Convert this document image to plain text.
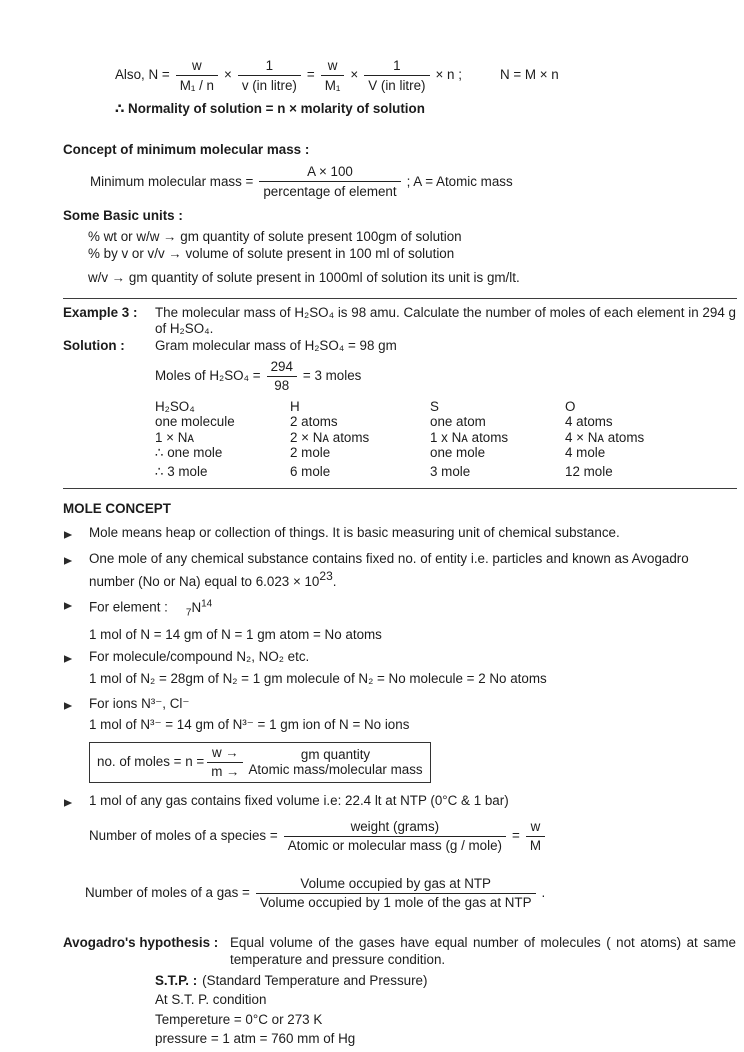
Also, $N = \frac{w}{\text{M₁ / n}} \times \frac{1}{\text{v (in litre)}} = \frac{w}{\text{M₁}} \times \frac{1}{\text{V (in litre)}} \times n$ ;	N = M × n
∴ Normality of solution = n × molarity of solution
Concept of minimum molecular mass :
Minimum molecular mass = $\frac{A \times 100}{\text{percentage of element}}$ ; A = Atomic mass
Some Basic units :
% wt or w/w → gm quantity of solute present 100gm of solution
% by v or v/v → volume of solute present in 100 ml of solution
w/v → gm quantity of solute present in 1000ml of solution its unit is gm/lt.
Example 3 :	The molecular mass of H₂SO₄ is 98 amu. Calculate the number of moles of each element in 294 g of H₂SO₄.
Solution :	Gram molecular mass of H₂SO₄ = 98 gm
Moles of $H_2SO_4 = \frac{294}{98} = 3$ moles
H₂SO₄	H	S	O
one molecule	2 atoms	one atom	4 atoms
1 × Nᴀ	2 × Nᴀ atoms	1 x Nᴀ atoms	4 × Nᴀ atoms
∴ one mole	2 mole	one mole	4 mole
∴ 3 mole	6 mole	3 mole	12 mole
MOLE CONCEPT
Mole means heap or collection of things. It is basic measuring unit of chemical substance.
One mole of any chemical substance contains fixed no. of entity i.e. particles and known as Avogadro
number (No or Na) equal to $6.023 \times 10^{23}$.
For element : $_7N^{14}$
1 mol of N = 14 gm of N = 1 gm atom = No atoms
For molecule/compound N₂, NO₂ etc.
1 mol of N₂ = 28gm of N₂ = 1 gm molecule of N₂ = No molecule = 2 No atoms
For ions N³⁻, Cl⁻
1 mol of N³⁻ = 14 gm of N³⁻ = 1 gm ion of N = No ions
no. of moles = $n = \frac{w \to}{m \to}$	gm quantity
Atomic mass/molecular mass
1 mol of any gas contains fixed volume i.e: 22.4 lt at NTP (0°C & 1 bar)
Number of moles of a species = $\frac{\text{weight (grams)}}{\text{Atomic or molecular mass (g / mole)}} = \frac{w}{M}$
Number of moles of a gas = $\frac{\text{Volume occupied by gas at NTP}}{\text{Volume occupied by 1 mole of the gas at NTP}}$ .
Avogadro's hypothesis : Equal volume of the gases have equal number of molecules ( not atoms) at same temperature and pressure condition.
S.T.P. : (Standard Temperature and Pressure)
At S.T. P. condition
Tempereture = 0°C or 273 K
pressure = 1 atm = 760 mm of Hg
